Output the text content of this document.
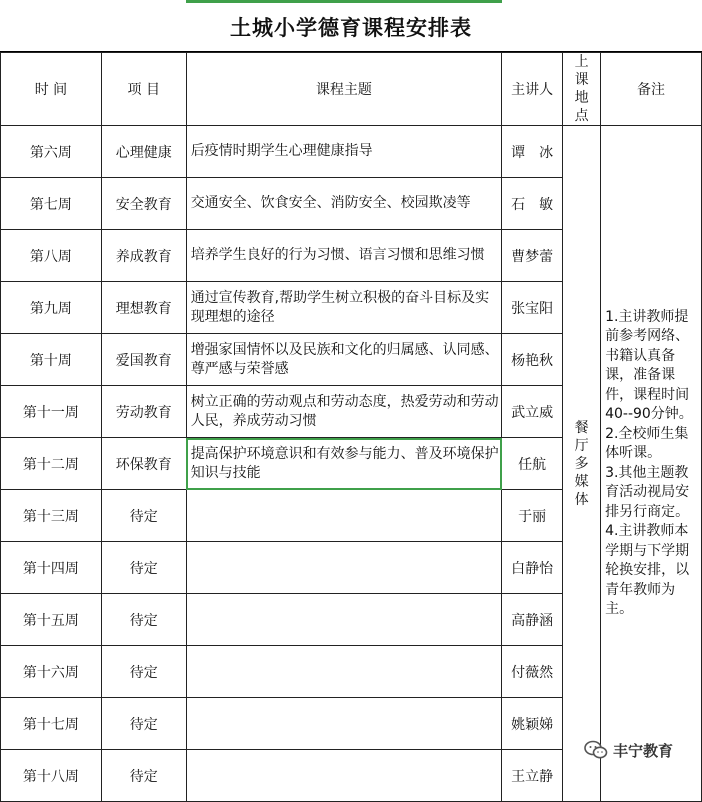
土城小学德育课程安排表
时 间	项 目	课程主题	主讲人	上课地点	备注
第六周	心理健康	后疫情时期学生心理健康指导	谭　冰	餐厅多媒体	1.主讲教师提前参考网络、书籍认真备课，准备课件，课程时间40--90分钟。
2.全校师生集体听课。
3.其他主题教育活动视局安排另行商定。
4.主讲教师本学期与下学期轮换安排，以青年教师为主。

第七周	安全教育	交通安全、饮食安全、消防安全、校园欺凌等	石　敏		
第八周	养成教育	培养学生良好的行为习惯、语言习惯和思维习惯	曹梦蕾		
第九周	理想教育	通过宣传教育,帮助学生树立积极的奋斗目标及实现理想的途径	张宝阳		
第十周	爱国教育	增强家国情怀以及民族和文化的归属感、认同感、尊严感与荣誉感	杨艳秋		
第十一周	劳动教育	树立正确的劳动观点和劳动态度，热爱劳动和劳动人民，养成劳动习惯	武立威		
第十二周	环保教育	提高保护环境意识和有效参与能力、普及环境保护知识与技能	任航		
第十三周	待定		于丽		
第十四周	待定		白静怡		
第十五周	待定		高静涵		
第十六周	待定		付薇然		
第十七周	待定		姚颖娣		
第十八周	待定		王立静		
丰宁教育
